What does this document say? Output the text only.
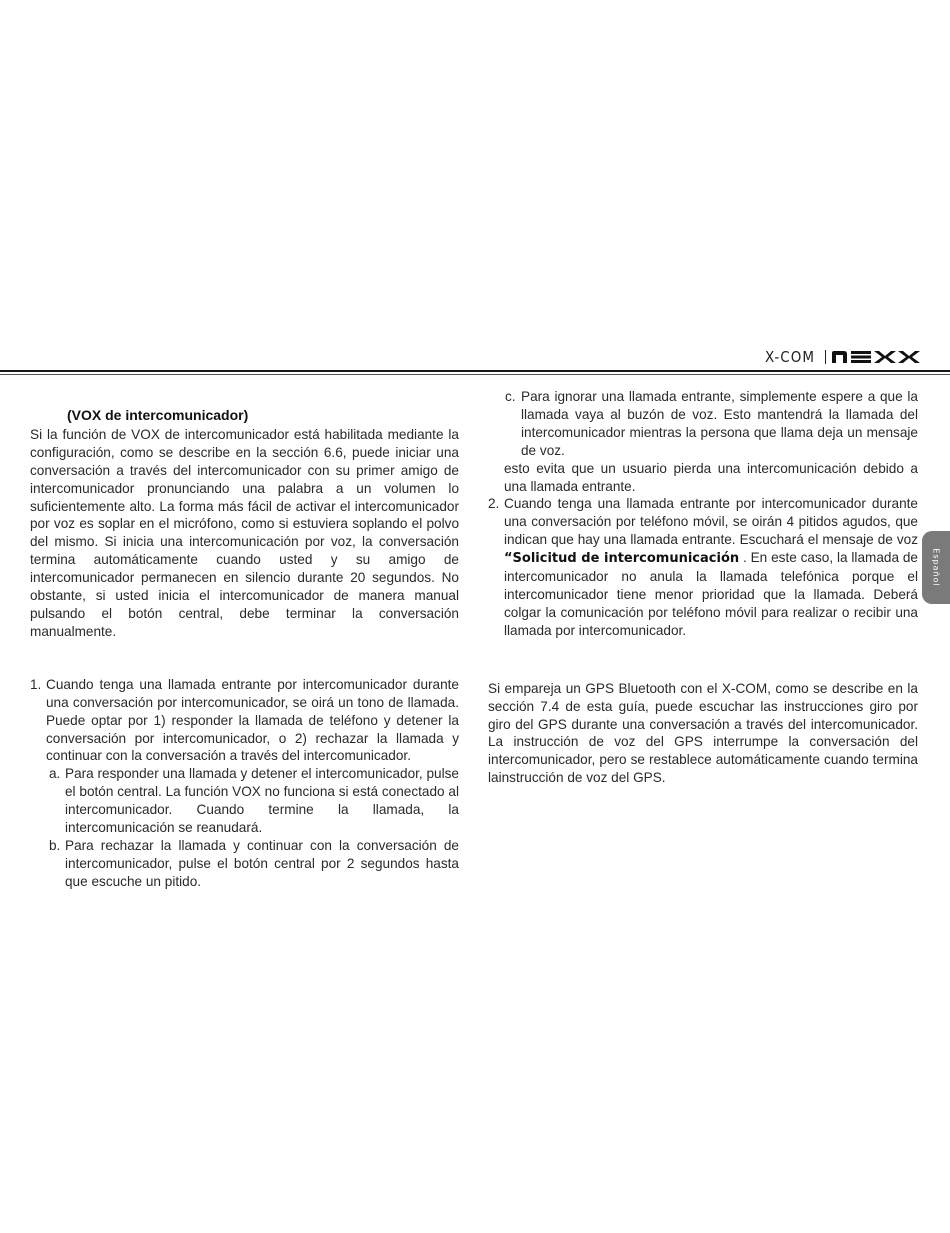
X-COM
Español
(VOX de intercomunicador)

Si la función de VOX de intercomunicador está habilitada mediante la configuración, como se describe en la sección 6.6, puede iniciar una conversación a través del intercomunicador con su primer amigo de intercomunicador pronunciando una palabra a un volumen lo suficientemente alto. La forma más fácil de activar el intercomunicador por voz es soplar en el micrófono, como si estuviera soplando el polvo del mismo. Si inicia una intercomunicación por voz, la conversación termina automáticamente cuando usted y su amigo de intercomunicador permanecen en silencio durante 20 segundos. No obstante, si usted inicia el intercomunicador de manera manual pulsando el botón central, debe terminar la conversación manualmente.

1. Cuando tenga una llamada entrante por intercomunicador durante una conversación por intercomunicador, se oirá un tono de llamada. Puede optar por 1) responder la llamada de teléfono y detener la conversación por intercomunicador, o 2) rechazar la llamada y continuar con la conversación a través del intercomunicador.
a. Para responder una llamada y detener el intercomunicador, pulse el botón central. La función VOX no funciona si está conectado al intercomunicador. Cuando termine la llamada, la intercomunicación se reanudará.
b. Para rechazar la llamada y continuar con la conversación de intercomunicador, pulse el botón central por 2 segundos hasta que escuche un pitido.
c. Para ignorar una llamada entrante, simplemente espere a que la llamada vaya al buzón de voz. Esto mantendrá la llamada del intercomunicador mientras la persona que llama deja un mensaje de voz.

esto evita que un usuario pierda una intercomunicación debido a una llamada entrante.

2. Cuando tenga una llamada entrante por intercomunicador durante una conversación por teléfono móvil, se oirán 4 pitidos agudos, que indican que hay una llamada entrante. Escuchará el mensaje de voz “Solicitud de intercomunicación . En este caso, la llamada de intercomunicador no anula la llamada telefónica porque el intercomunicador tiene menor prioridad que la llamada. Deberá colgar la comunicación por teléfono móvil para realizar o recibir una llamada por intercomunicador.

Si empareja un GPS Bluetooth con el X-COM, como se describe en la sección 7.4 de esta guía, puede escuchar las instrucciones giro por giro del GPS durante una conversación a través del intercomunicador. La instrucción de voz del GPS interrumpe la conversación del intercomunicador, pero se restablece automáticamente cuando termina lainstrucción de voz del GPS.
